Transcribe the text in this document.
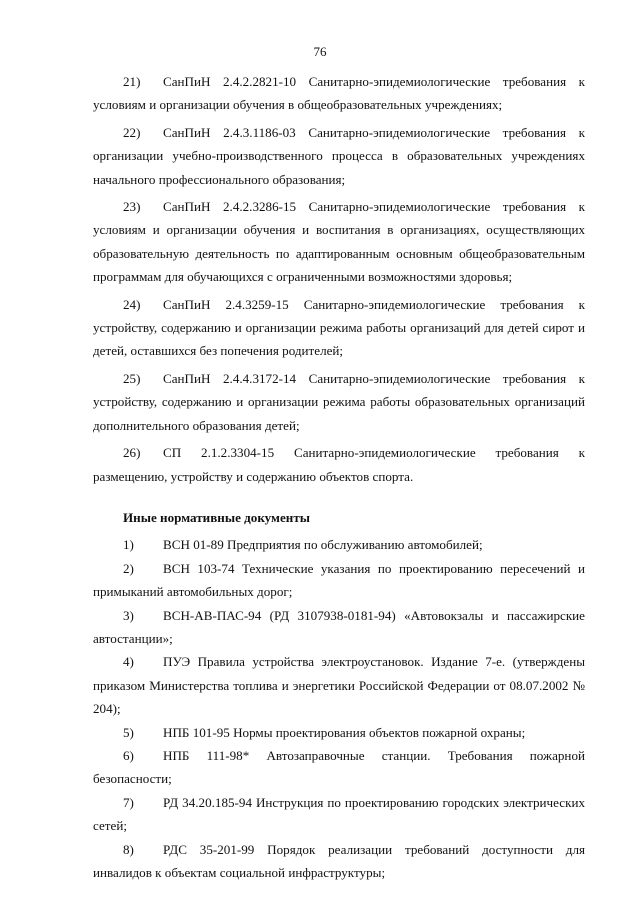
76

21) СанПиН 2.4.2.2821-10 Санитарно-эпидемиологические требования к условиям и организации обучения в общеобразовательных учреждениях;

22) СанПиН 2.4.3.1186-03 Санитарно-эпидемиологические требования к организации учебно-производственного процесса в образовательных учреждениях начального профессионального образования;

23) СанПиН 2.4.2.3286-15 Санитарно-эпидемиологические требования к условиям и организации обучения и воспитания в организациях, осуществляющих образовательную деятельность по адаптированным основным общеобразовательным программам для обучающихся с ограниченными возможностями здоровья;

24) СанПиН 2.4.3259-15 Санитарно-эпидемиологические требования к устройству, содержанию и организации режима работы организаций для детей сирот и детей, оставшихся без попечения родителей;

25) СанПиН 2.4.4.3172-14 Санитарно-эпидемиологические требования к устройству, содержанию и организации режима работы образовательных организаций дополнительного образования детей;

26) СП 2.1.2.3304-15 Санитарно-эпидемиологические требования к размещению, устройству и содержанию объектов спорта.

Иные нормативные документы

1) ВСН 01-89 Предприятия по обслуживанию автомобилей;

2) ВСН 103-74 Технические указания по проектированию пересечений и примыканий автомобильных дорог;

3) ВСН-АВ-ПАС-94 (РД 3107938-0181-94) «Автовокзалы и пассажирские автостанции»;

4) ПУЭ Правила устройства электроустановок. Издание 7-е. (утверждены приказом Министерства топлива и энергетики Российской Федерации от 08.07.2002 № 204);

5) НПБ 101-95 Нормы проектирования объектов пожарной охраны;

6) НПБ 111-98* Автозаправочные станции. Требования пожарной безопасности;

7) РД 34.20.185-94 Инструкция по проектированию городских электрических сетей;

8) РДС 35-201-99 Порядок реализации требований доступности для инвалидов к объектам социальной инфраструктуры;
